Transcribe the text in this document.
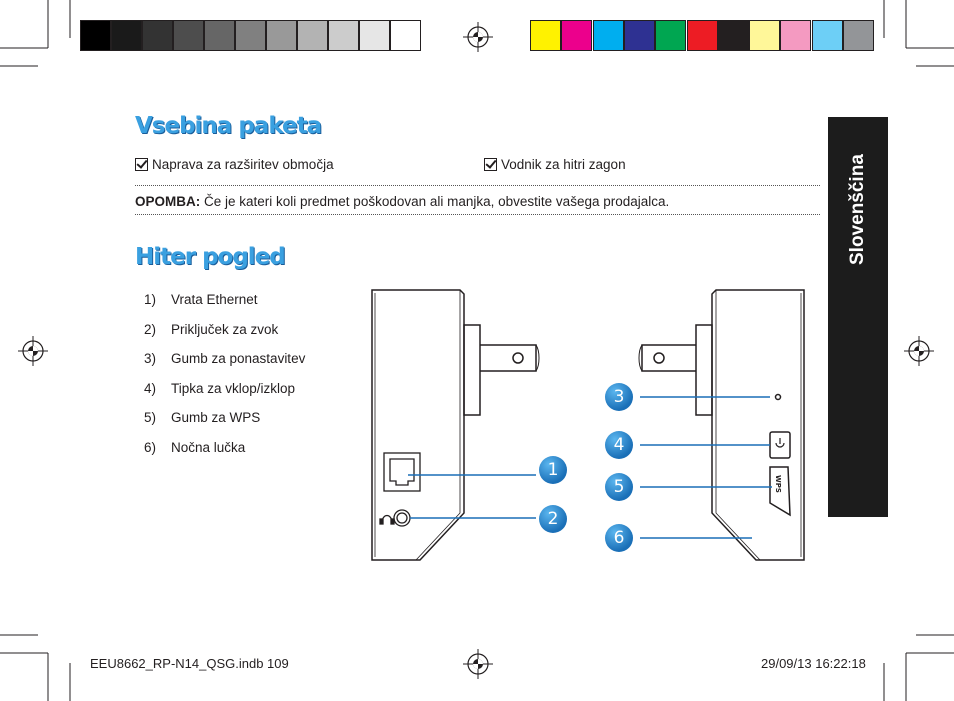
Vsebina paketa
Naprava za razširitev območja	Vodnik za hitri zagon
OPOMBA: Če je kateri koli predmet poškodovan ali manjka, obvestite vašega prodajalca.
Hiter pogled
1) Vrata Ethernet
2) Priključek za zvok
3) Gumb za ponastavitev
4) Tipka za vklop/izklop
5) Gumb za WPS
6) Nočna lučka
Slovenščina
WPS
1
2
3
4
5
6
EEU8662_RP-N14_QSG.indb 109	29/09/13 16:22:18
